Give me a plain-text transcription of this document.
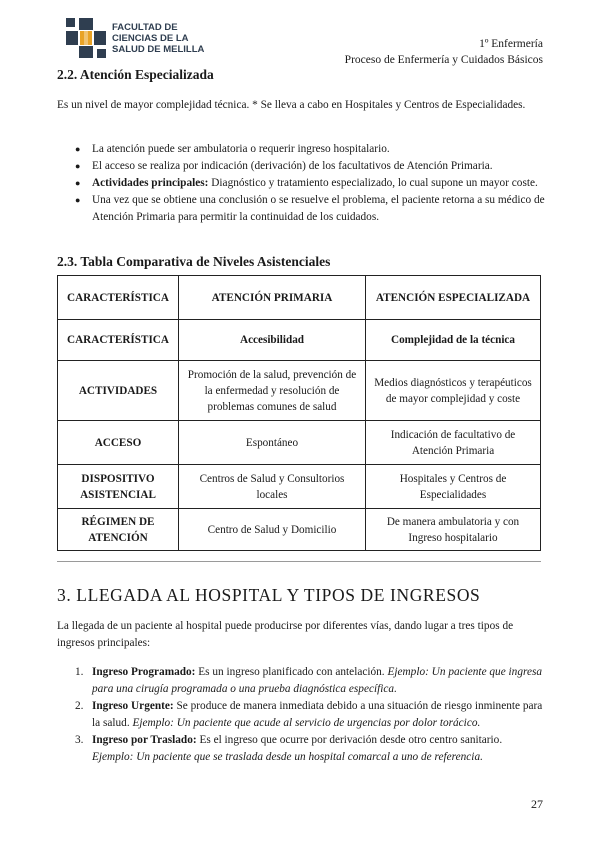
FACULTAD DE
CIENCIAS DE LA
SALUD DE MELILLA	1º Enfermería
Proceso de Enfermería y Cuidados Básicos
2.2. Atención Especializada
Es un nivel de mayor complejidad técnica. * Se lleva a cabo en Hospitales y Centros de Especialidades.
● La atención puede ser ambulatoria o requerir ingreso hospitalario.
● El acceso se realiza por indicación (derivación) de los facultativos de Atención Primaria.
● Actividades principales: Diagnóstico y tratamiento especializado, lo cual supone un mayor coste.
● Una vez que se obtiene una conclusión o se resuelve el problema, el paciente retorna a su médico de Atención Primaria para permitir la continuidad de los cuidados.
2.3. Tabla Comparativa de Niveles Asistenciales
CARACTERÍSTICA	ATENCIÓN PRIMARIA	ATENCIÓN ESPECIALIZADA
CARACTERÍSTICA	Accesibilidad	Complejidad de la técnica
ACTIVIDADES	Promoción de la salud, prevención de la enfermedad y resolución de problemas comunes de salud	Medios diagnósticos y terapéuticos de mayor complejidad y coste
ACCESO	Espontáneo	Indicación de facultativo de Atención Primaria
DISPOSITIVO ASISTENCIAL	Centros de Salud y Consultorios locales	Hospitales y Centros de Especialidades
RÉGIMEN DE ATENCIÓN	Centro de Salud y Domicilio	De manera ambulatoria y con Ingreso hospitalario
3. LLEGADA AL HOSPITAL Y TIPOS DE INGRESOS
La llegada de un paciente al hospital puede producirse por diferentes vías, dando lugar a tres tipos de ingresos principales:
1. Ingreso Programado: Es un ingreso planificado con antelación. Ejemplo: Un paciente que ingresa para una cirugía programada o una prueba diagnóstica específica.
2. Ingreso Urgente: Se produce de manera inmediata debido a una situación de riesgo inminente para la salud. Ejemplo: Un paciente que acude al servicio de urgencias por dolor torácico.
3. Ingreso por Traslado: Es el ingreso que ocurre por derivación desde otro centro sanitario. Ejemplo: Un paciente que se traslada desde un hospital comarcal a uno de referencia.
27
